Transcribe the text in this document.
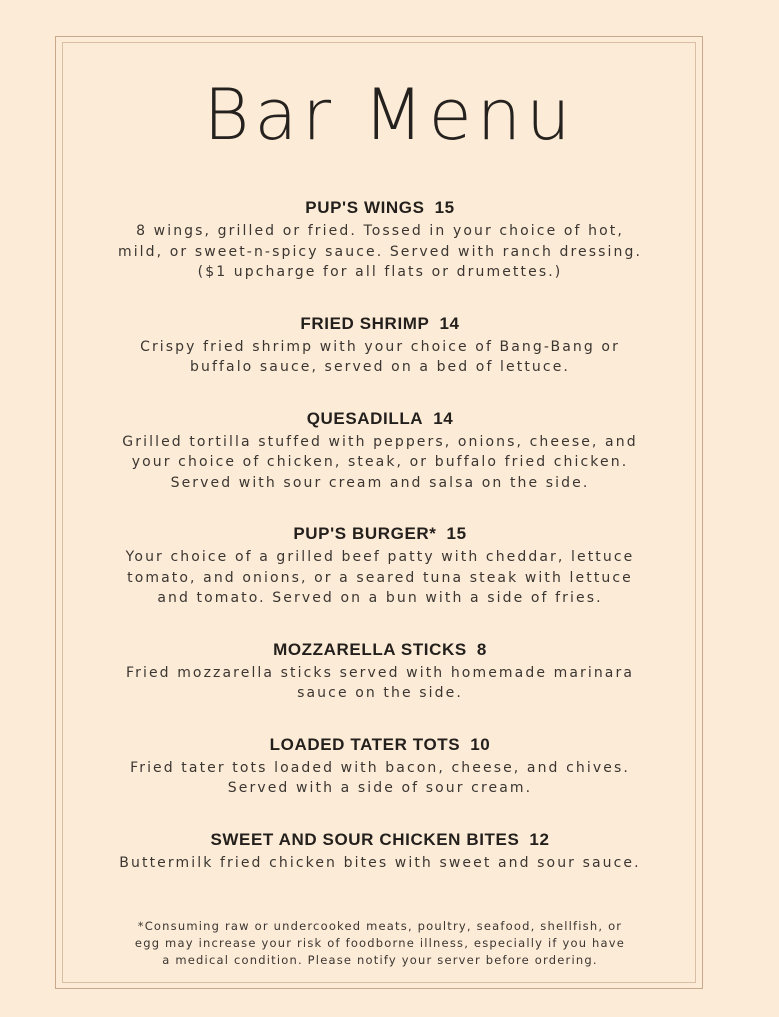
Bar Menu

PUP'S WINGS 15

8 wings, grilled or fried. Tossed in your choice of hot,

mild, or sweet-n-spicy sauce. Served with ranch dressing.

($1 upcharge for all flats or drumettes.)

FRIED SHRIMP 14

Crispy fried shrimp with your choice of Bang-Bang or

buffalo sauce, served on a bed of lettuce.

QUESADILLA 14

Grilled tortilla stuffed with peppers, onions, cheese, and

your choice of chicken, steak, or buffalo fried chicken.

Served with sour cream and salsa on the side.

PUP'S BURGER* 15

Your choice of a grilled beef patty with cheddar, lettuce

tomato, and onions, or a seared tuna steak with lettuce

and tomato. Served on a bun with a side of fries.

MOZZARELLA STICKS 8

Fried mozzarella sticks served with homemade marinara

sauce on the side.

LOADED TATER TOTS 10

Fried tater tots loaded with bacon, cheese, and chives.

Served with a side of sour cream.

SWEET AND SOUR CHICKEN BITES 12

Buttermilk fried chicken bites with sweet and sour sauce.

*Consuming raw or undercooked meats, poultry, seafood, shellfish, or
egg may increase your risk of foodborne illness, especially if you have
a medical condition. Please notify your server before ordering.
